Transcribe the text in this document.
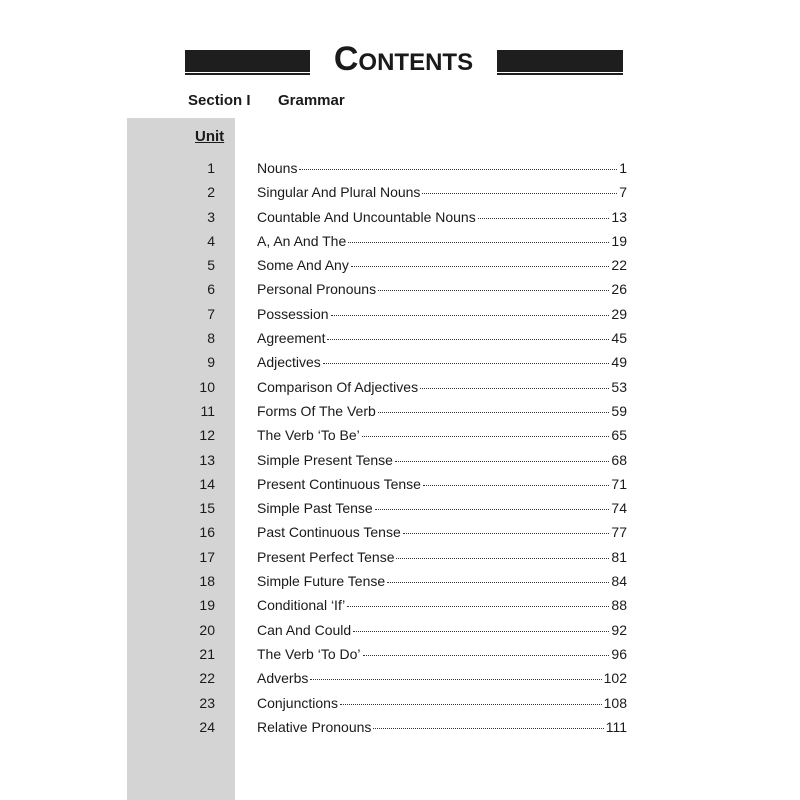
Contents
Section I Grammar
Unit
1	Nouns	1
2	Singular And Plural Nouns	7
3	Countable And Uncountable Nouns	13
4	A, An And The	19
5	Some And Any	22
6	Personal Pronouns	26
7	Possession	29
8	Agreement	45
9	Adjectives	49
10	Comparison Of Adjectives	53
11	Forms Of The Verb	59
12	The Verb ‘To Be’	65
13	Simple Present Tense	68
14	Present Continuous Tense	71
15	Simple Past Tense	74
16	Past Continuous Tense	77
17	Present Perfect Tense	81
18	Simple Future Tense	84
19	Conditional ‘If’	88
20	Can And Could	92
21	The Verb ‘To Do’	96
22	Adverbs	102
23	Conjunctions	108
24	Relative Pronouns	111
